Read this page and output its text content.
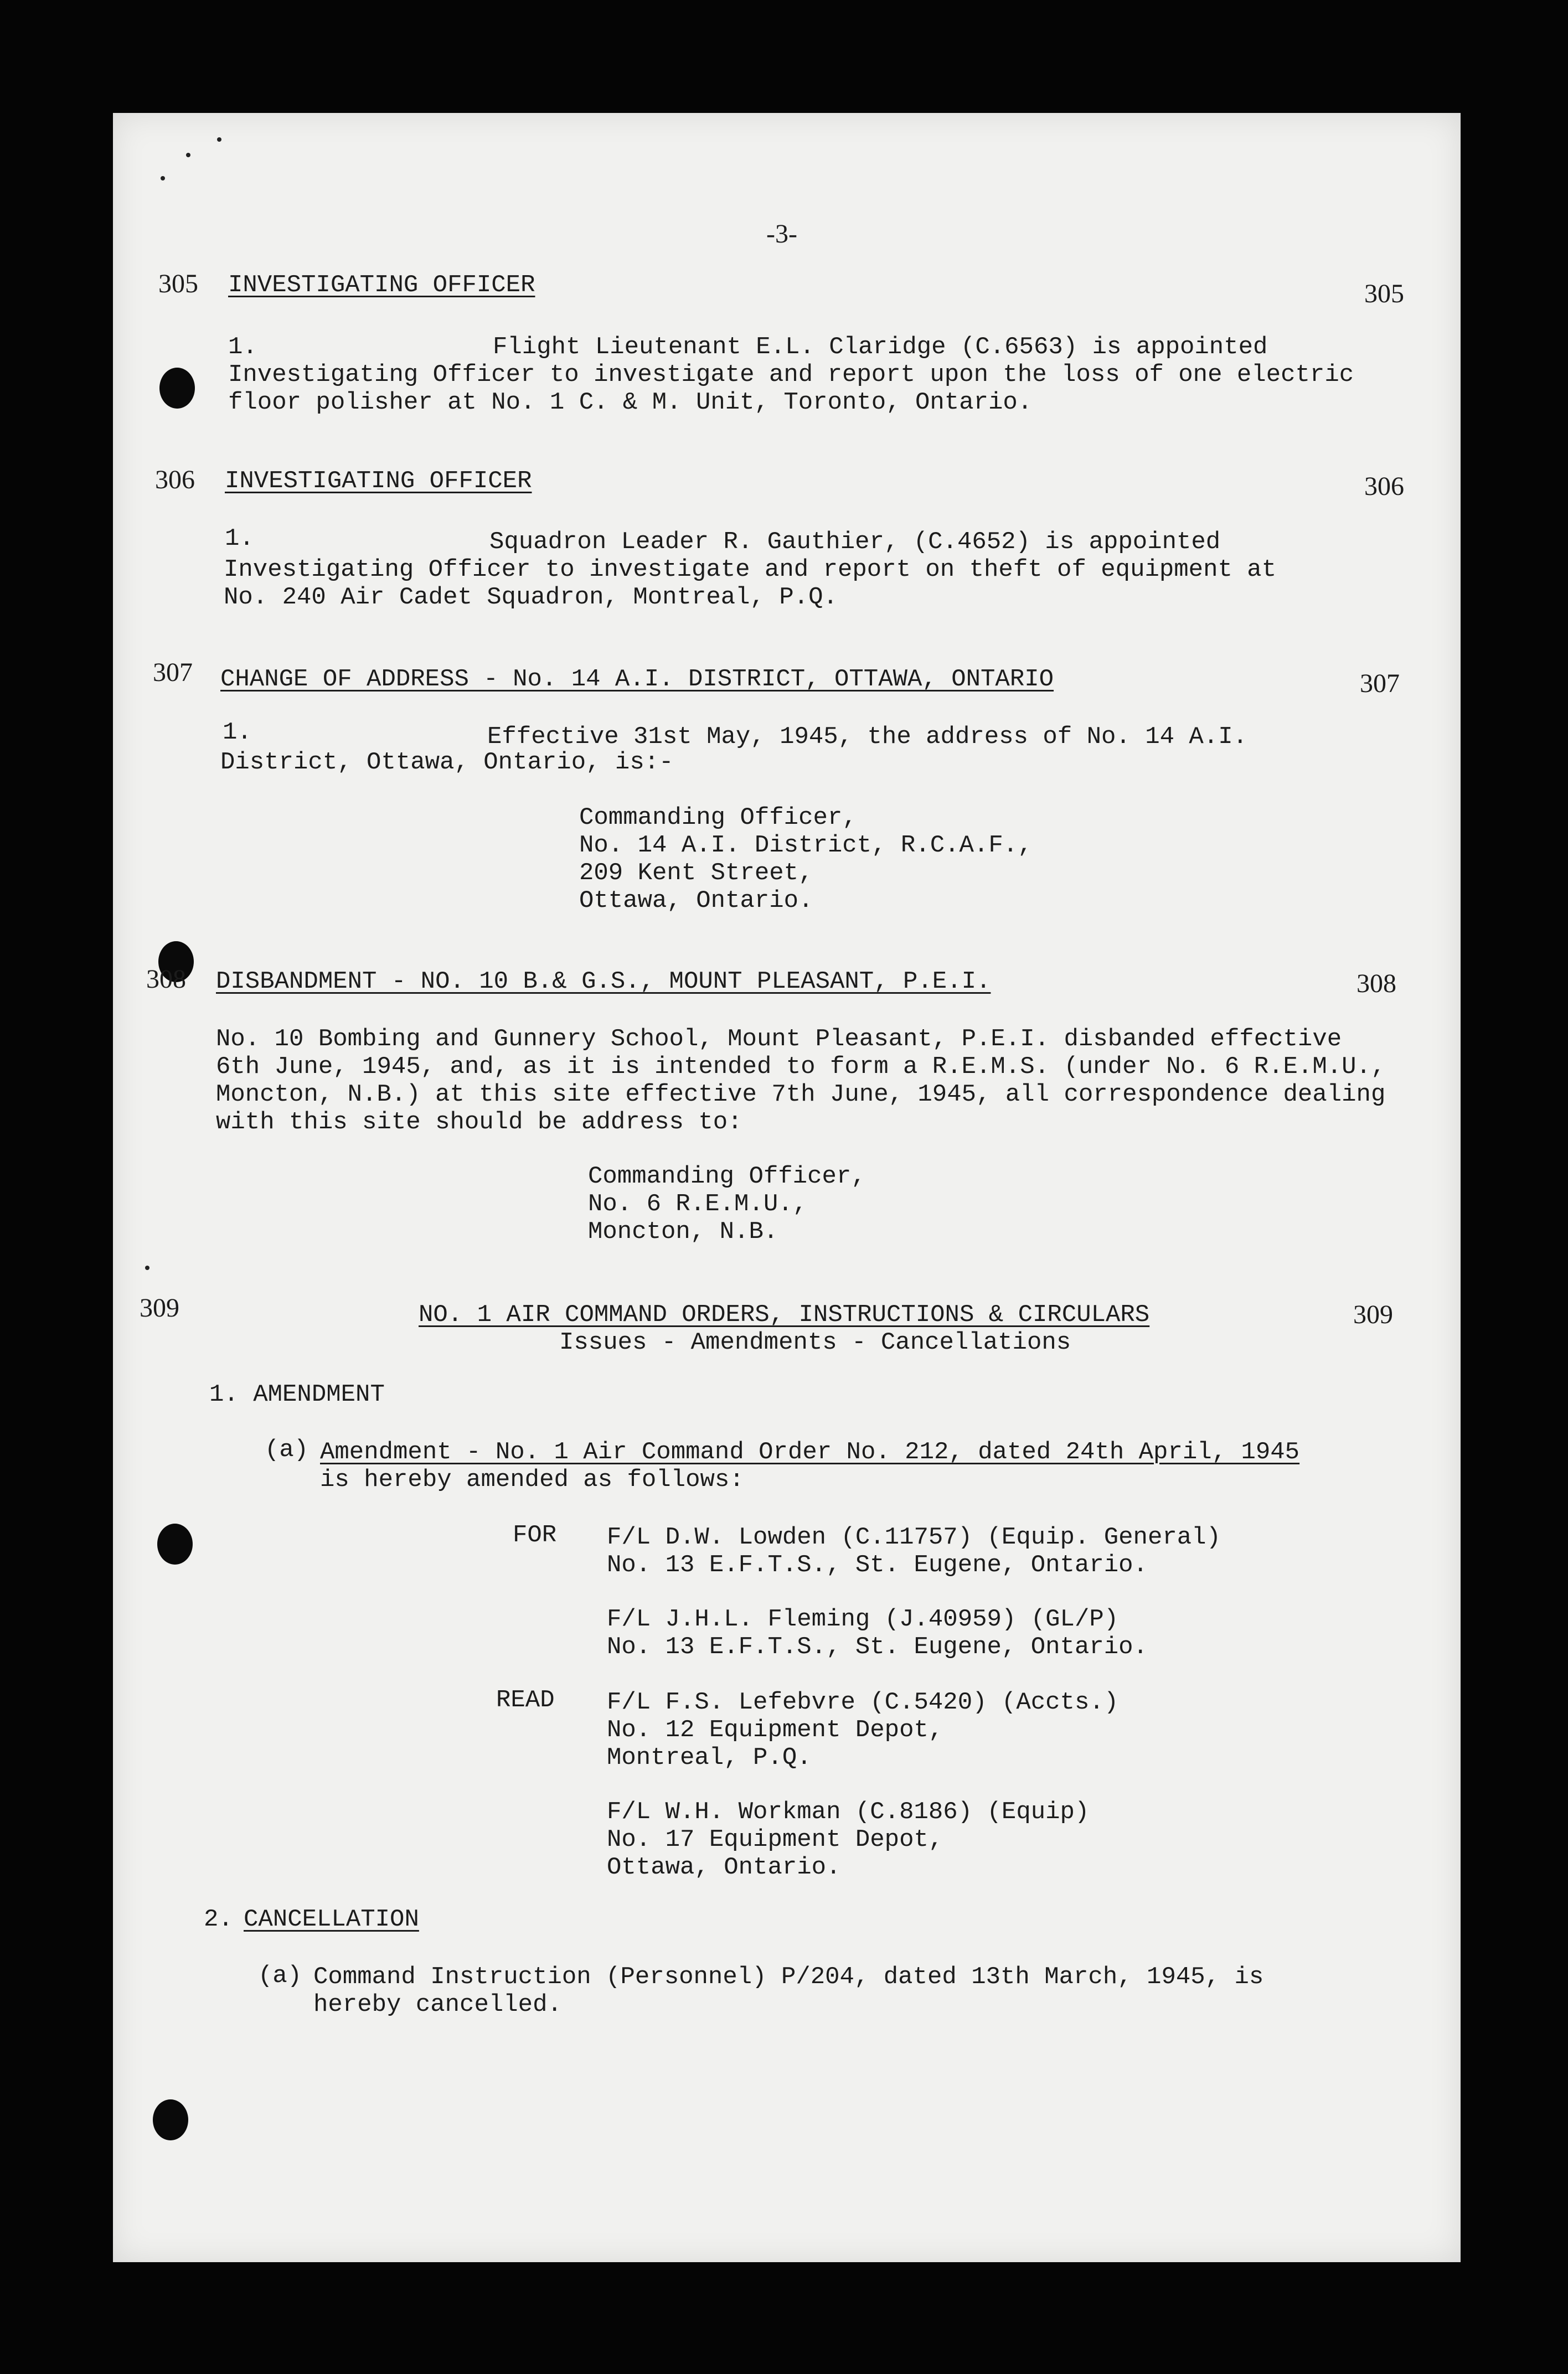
-3-
305 INVESTIGATING OFFICER	305
1.	Flight Lieutenant E.L. Claridge (C.6563) is appointed
Investigating Officer to investigate and report upon the loss of one electric
floor polisher at No. 1 C. & M. Unit, Toronto, Ontario.
306 INVESTIGATING OFFICER	306
1.	Squadron Leader R. Gauthier, (C.4652) is appointed
Investigating Officer to investigate and report on theft of equipment at
No. 240 Air Cadet Squadron, Montreal, P.Q.
307 CHANGE OF ADDRESS - No. 14 A.I. DISTRICT, OTTAWA, ONTARIO	307
1.	Effective 31st May, 1945, the address of No. 14 A.I.
District, Ottawa, Ontario, is:-
Commanding Officer,
No. 14 A.I. District, R.C.A.F.,
209 Kent Street,
Ottawa, Ontario.
308 DISBANDMENT - NO. 10 B.& G.S., MOUNT PLEASANT, P.E.I.	308
No. 10 Bombing and Gunnery School, Mount Pleasant, P.E.I. disbanded effective
6th June, 1945, and, as it is intended to form a R.E.M.S. (under No. 6 R.E.M.U.,
Moncton, N.B.) at this site effective 7th June, 1945, all correspondence dealing
with this site should be address to:
Commanding Officer,
No. 6 R.E.M.U.,
Moncton, N.B.
309	NO. 1 AIR COMMAND ORDERS, INSTRUCTIONS & CIRCULARS	309
Issues - Amendments - Cancellations
1. AMENDMENT
(a) Amendment - No. 1 Air Command Order No. 212, dated 24th April, 1945
is hereby amended as follows:
FOR F/L D.W. Lowden (C.11757) (Equip. General)
No. 13 E.F.T.S., St. Eugene, Ontario.
F/L J.H.L. Fleming (J.40959) (GL/P)
No. 13 E.F.T.S., St. Eugene, Ontario.
READ F/L F.S. Lefebvre (C.5420) (Accts.)
No. 12 Equipment Depot,
Montreal, P.Q.
F/L W.H. Workman (C.8186) (Equip)
No. 17 Equipment Depot,
Ottawa, Ontario.
2. CANCELLATION
(a) Command Instruction (Personnel) P/204, dated 13th March, 1945, is
hereby cancelled.
